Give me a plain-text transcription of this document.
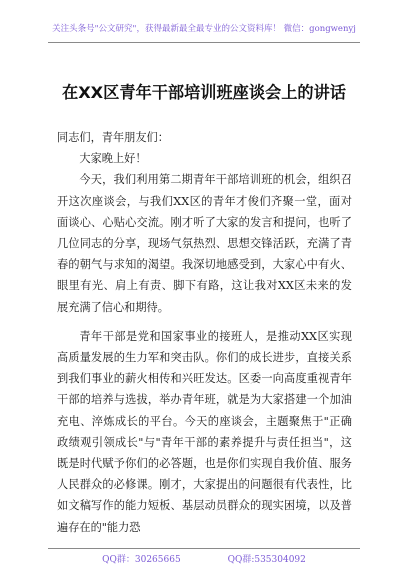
关注头条号"公文研究"，获得最新最全最专业的公文资料库！ 微信：gongwenyj
在XX区青年干部培训班座谈会上的讲话

同志们，青年朋友们：

大家晚上好！

今天，我们利用第二期青年干部培训班的机会，组织召开这次座谈会，与我们XX区的青年才俊们齐聚一堂，面对面谈心、心贴心交流。刚才听了大家的发言和提问，也听了几位同志的分享，现场气氛热烈、思想交锋活跃，充满了青春的朝气与求知的渴望。我深切地感受到，大家心中有火、眼里有光、肩上有责、脚下有路，这让我对XX区未来的发展充满了信心和期待。

青年干部是党和国家事业的接班人，是推动XX区实现高质量发展的生力军和突击队。你们的成长进步，直接关系到我们事业的薪火相传和兴旺发达。区委一向高度重视青年干部的培养与选拔，举办青年班，就是为大家搭建一个加油充电、淬炼成长的平台。今天的座谈会，主题聚焦于"正确政绩观引领成长"与"青年干部的素养提升与责任担当"，这既是时代赋予你们的必答题，也是你们实现自我价值、服务人民群众的必修课。刚才，大家提出的问题很有代表性，比如文稿写作的能力短板、基层动员群众的现实困境，以及普遍存在的"能力恐

QQ群：30265665	QQ群:535304092
